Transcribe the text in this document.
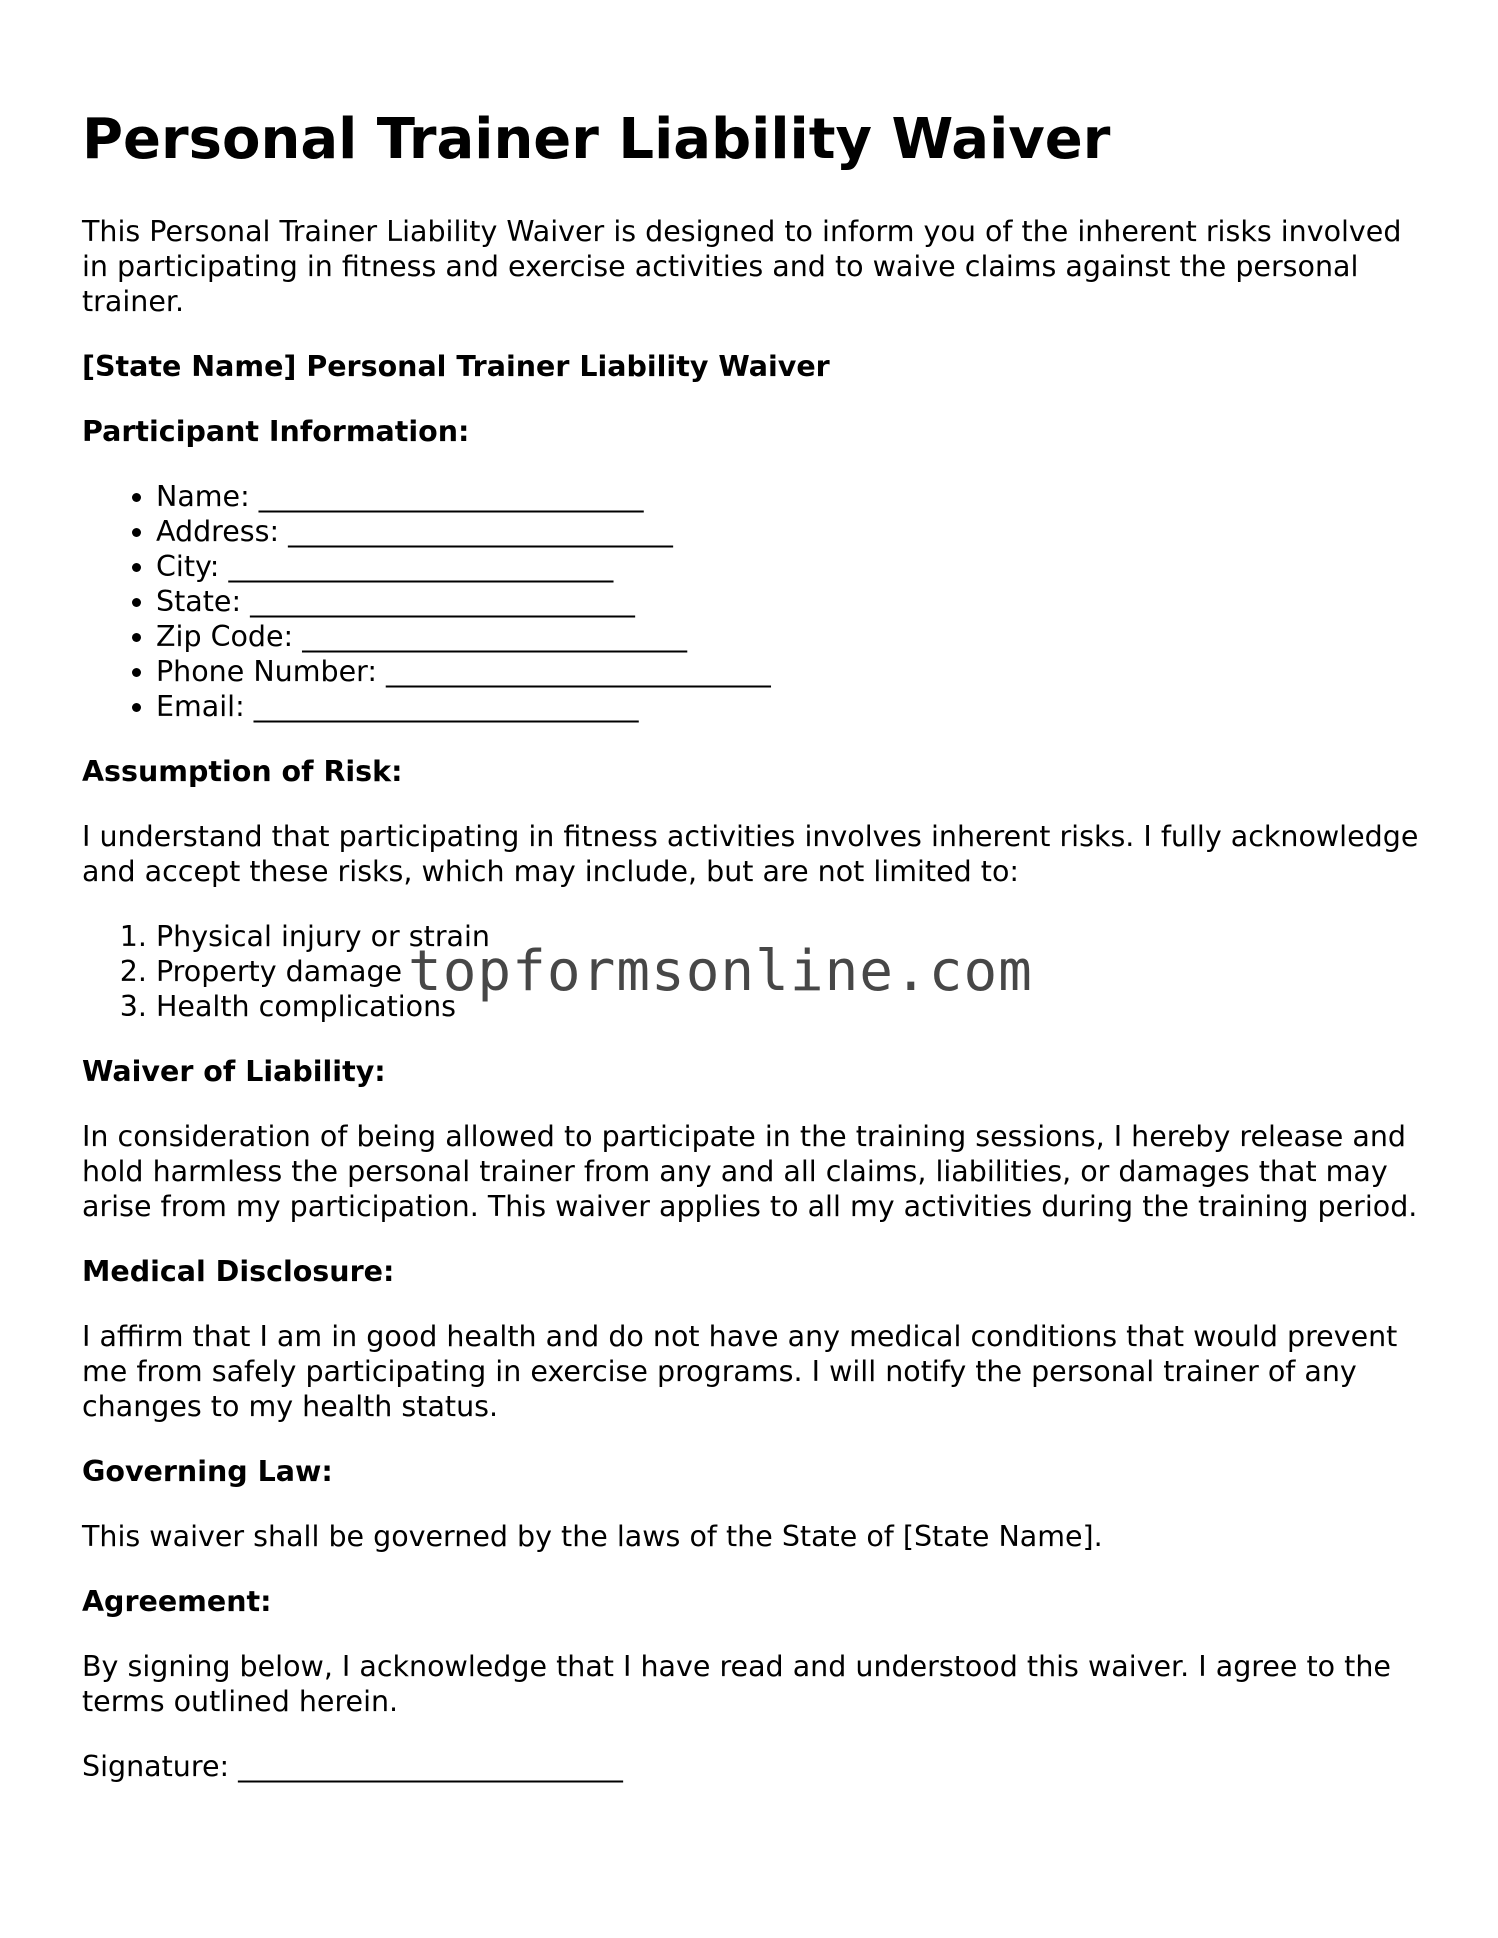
Personal Trainer Liability Waiver

This Personal Trainer Liability Waiver is designed to inform you of the inherent risks involved in participating in fitness and exercise activities and to waive claims against the personal trainer.

[State Name] Personal Trainer Liability Waiver
Participant Information:
• Name: ___________________________
• Address: ___________________________
• City: ___________________________
• State: ___________________________
• Zip Code: ___________________________
• Phone Number: ___________________________
• Email: ___________________________
Assumption of Risk:

I understand that participating in fitness activities involves inherent risks. I fully acknowledge and accept these risks, which may include, but are not limited to:

1. Physical injury or strain
2. Property damage
3. Health complications
Waiver of Liability:

In consideration of being allowed to participate in the training sessions, I hereby release and hold harmless the personal trainer from any and all claims, liabilities, or damages that may arise from my participation. This waiver applies to all my activities during the training period.

Medical Disclosure:

I affirm that I am in good health and do not have any medical conditions that would prevent me from safely participating in exercise programs. I will notify the personal trainer of any changes to my health status.

Governing Law:

This waiver shall be governed by the laws of the State of [State Name].

Agreement:

By signing below, I acknowledge that I have read and understood this waiver. I agree to the terms outlined herein.

Signature: ___________________________

topformsonline.com
